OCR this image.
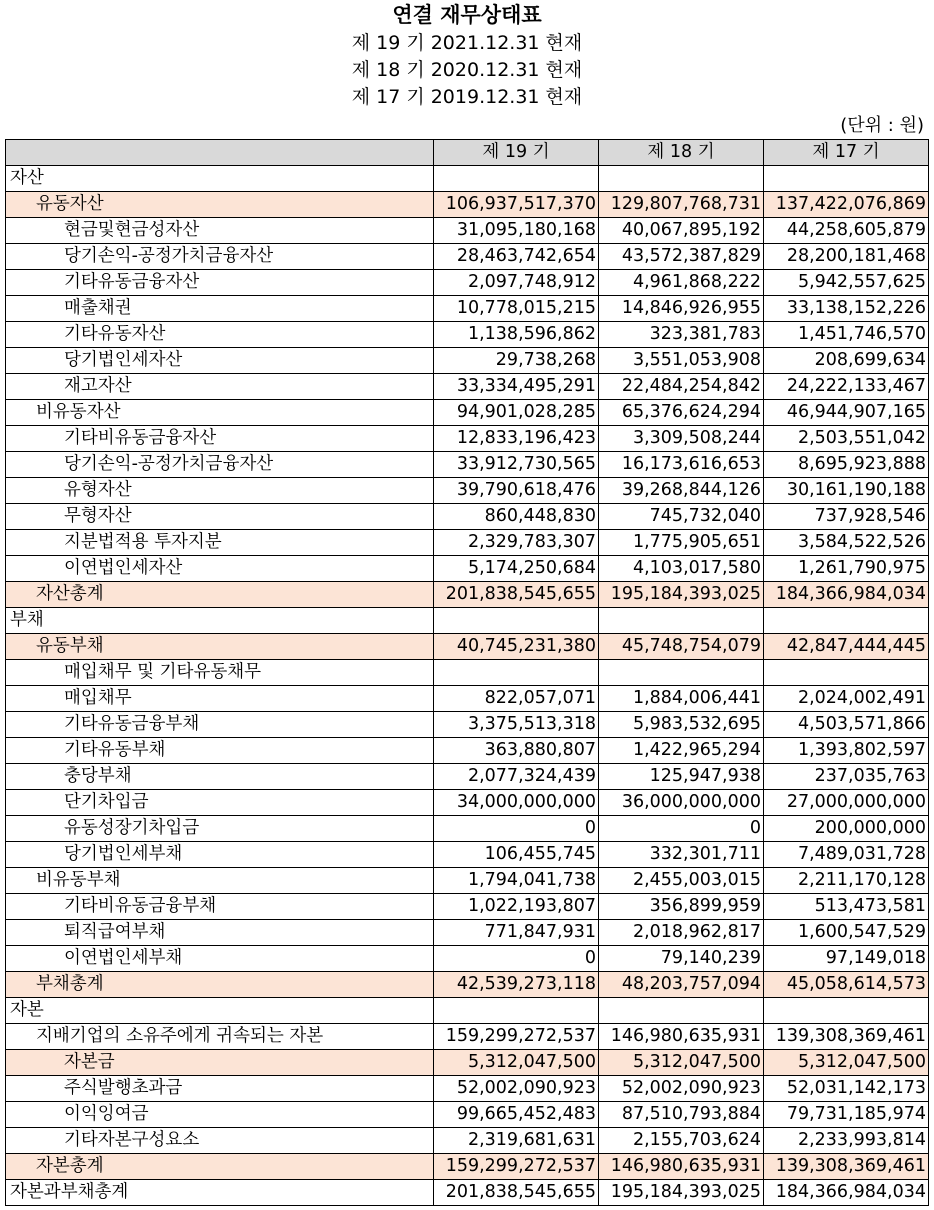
연결 재무상태표
제 19 기 2021.12.31 현재
제 18 기 2020.12.31 현재
제 17 기 2019.12.31 현재
(단위 : 원)
	제 19 기	제 18 기	제 17 기
자산			
유동자산	106,937,517,370	129,807,768,731	137,422,076,869
현금및현금성자산	31,095,180,168	40,067,895,192	44,258,605,879
당기손익-공정가치금융자산	28,463,742,654	43,572,387,829	28,200,181,468
기타유동금융자산	2,097,748,912	4,961,868,222	5,942,557,625
매출채권	10,778,015,215	14,846,926,955	33,138,152,226
기타유동자산	1,138,596,862	323,381,783	1,451,746,570
당기법인세자산	29,738,268	3,551,053,908	208,699,634
재고자산	33,334,495,291	22,484,254,842	24,222,133,467
비유동자산	94,901,028,285	65,376,624,294	46,944,907,165
기타비유동금융자산	12,833,196,423	3,309,508,244	2,503,551,042
당기손익-공정가치금융자산	33,912,730,565	16,173,616,653	8,695,923,888
유형자산	39,790,618,476	39,268,844,126	30,161,190,188
무형자산	860,448,830	745,732,040	737,928,546
지분법적용 투자지분	2,329,783,307	1,775,905,651	3,584,522,526
이연법인세자산	5,174,250,684	4,103,017,580	1,261,790,975
자산총계	201,838,545,655	195,184,393,025	184,366,984,034
부채			
유동부채	40,745,231,380	45,748,754,079	42,847,444,445
매입채무 및 기타유동채무			
매입채무	822,057,071	1,884,006,441	2,024,002,491
기타유동금융부채	3,375,513,318	5,983,532,695	4,503,571,866
기타유동부채	363,880,807	1,422,965,294	1,393,802,597
충당부채	2,077,324,439	125,947,938	237,035,763
단기차입금	34,000,000,000	36,000,000,000	27,000,000,000
유동성장기차입금	0	0	200,000,000
당기법인세부채	106,455,745	332,301,711	7,489,031,728
비유동부채	1,794,041,738	2,455,003,015	2,211,170,128
기타비유동금융부채	1,022,193,807	356,899,959	513,473,581
퇴직급여부채	771,847,931	2,018,962,817	1,600,547,529
이연법인세부채	0	79,140,239	97,149,018
부채총계	42,539,273,118	48,203,757,094	45,058,614,573
자본			
지배기업의 소유주에게 귀속되는 자본	159,299,272,537	146,980,635,931	139,308,369,461
자본금	5,312,047,500	5,312,047,500	5,312,047,500
주식발행초과금	52,002,090,923	52,002,090,923	52,031,142,173
이익잉여금	99,665,452,483	87,510,793,884	79,731,185,974
기타자본구성요소	2,319,681,631	2,155,703,624	2,233,993,814
자본총계	159,299,272,537	146,980,635,931	139,308,369,461
자본과부채총계	201,838,545,655	195,184,393,025	184,366,984,034
